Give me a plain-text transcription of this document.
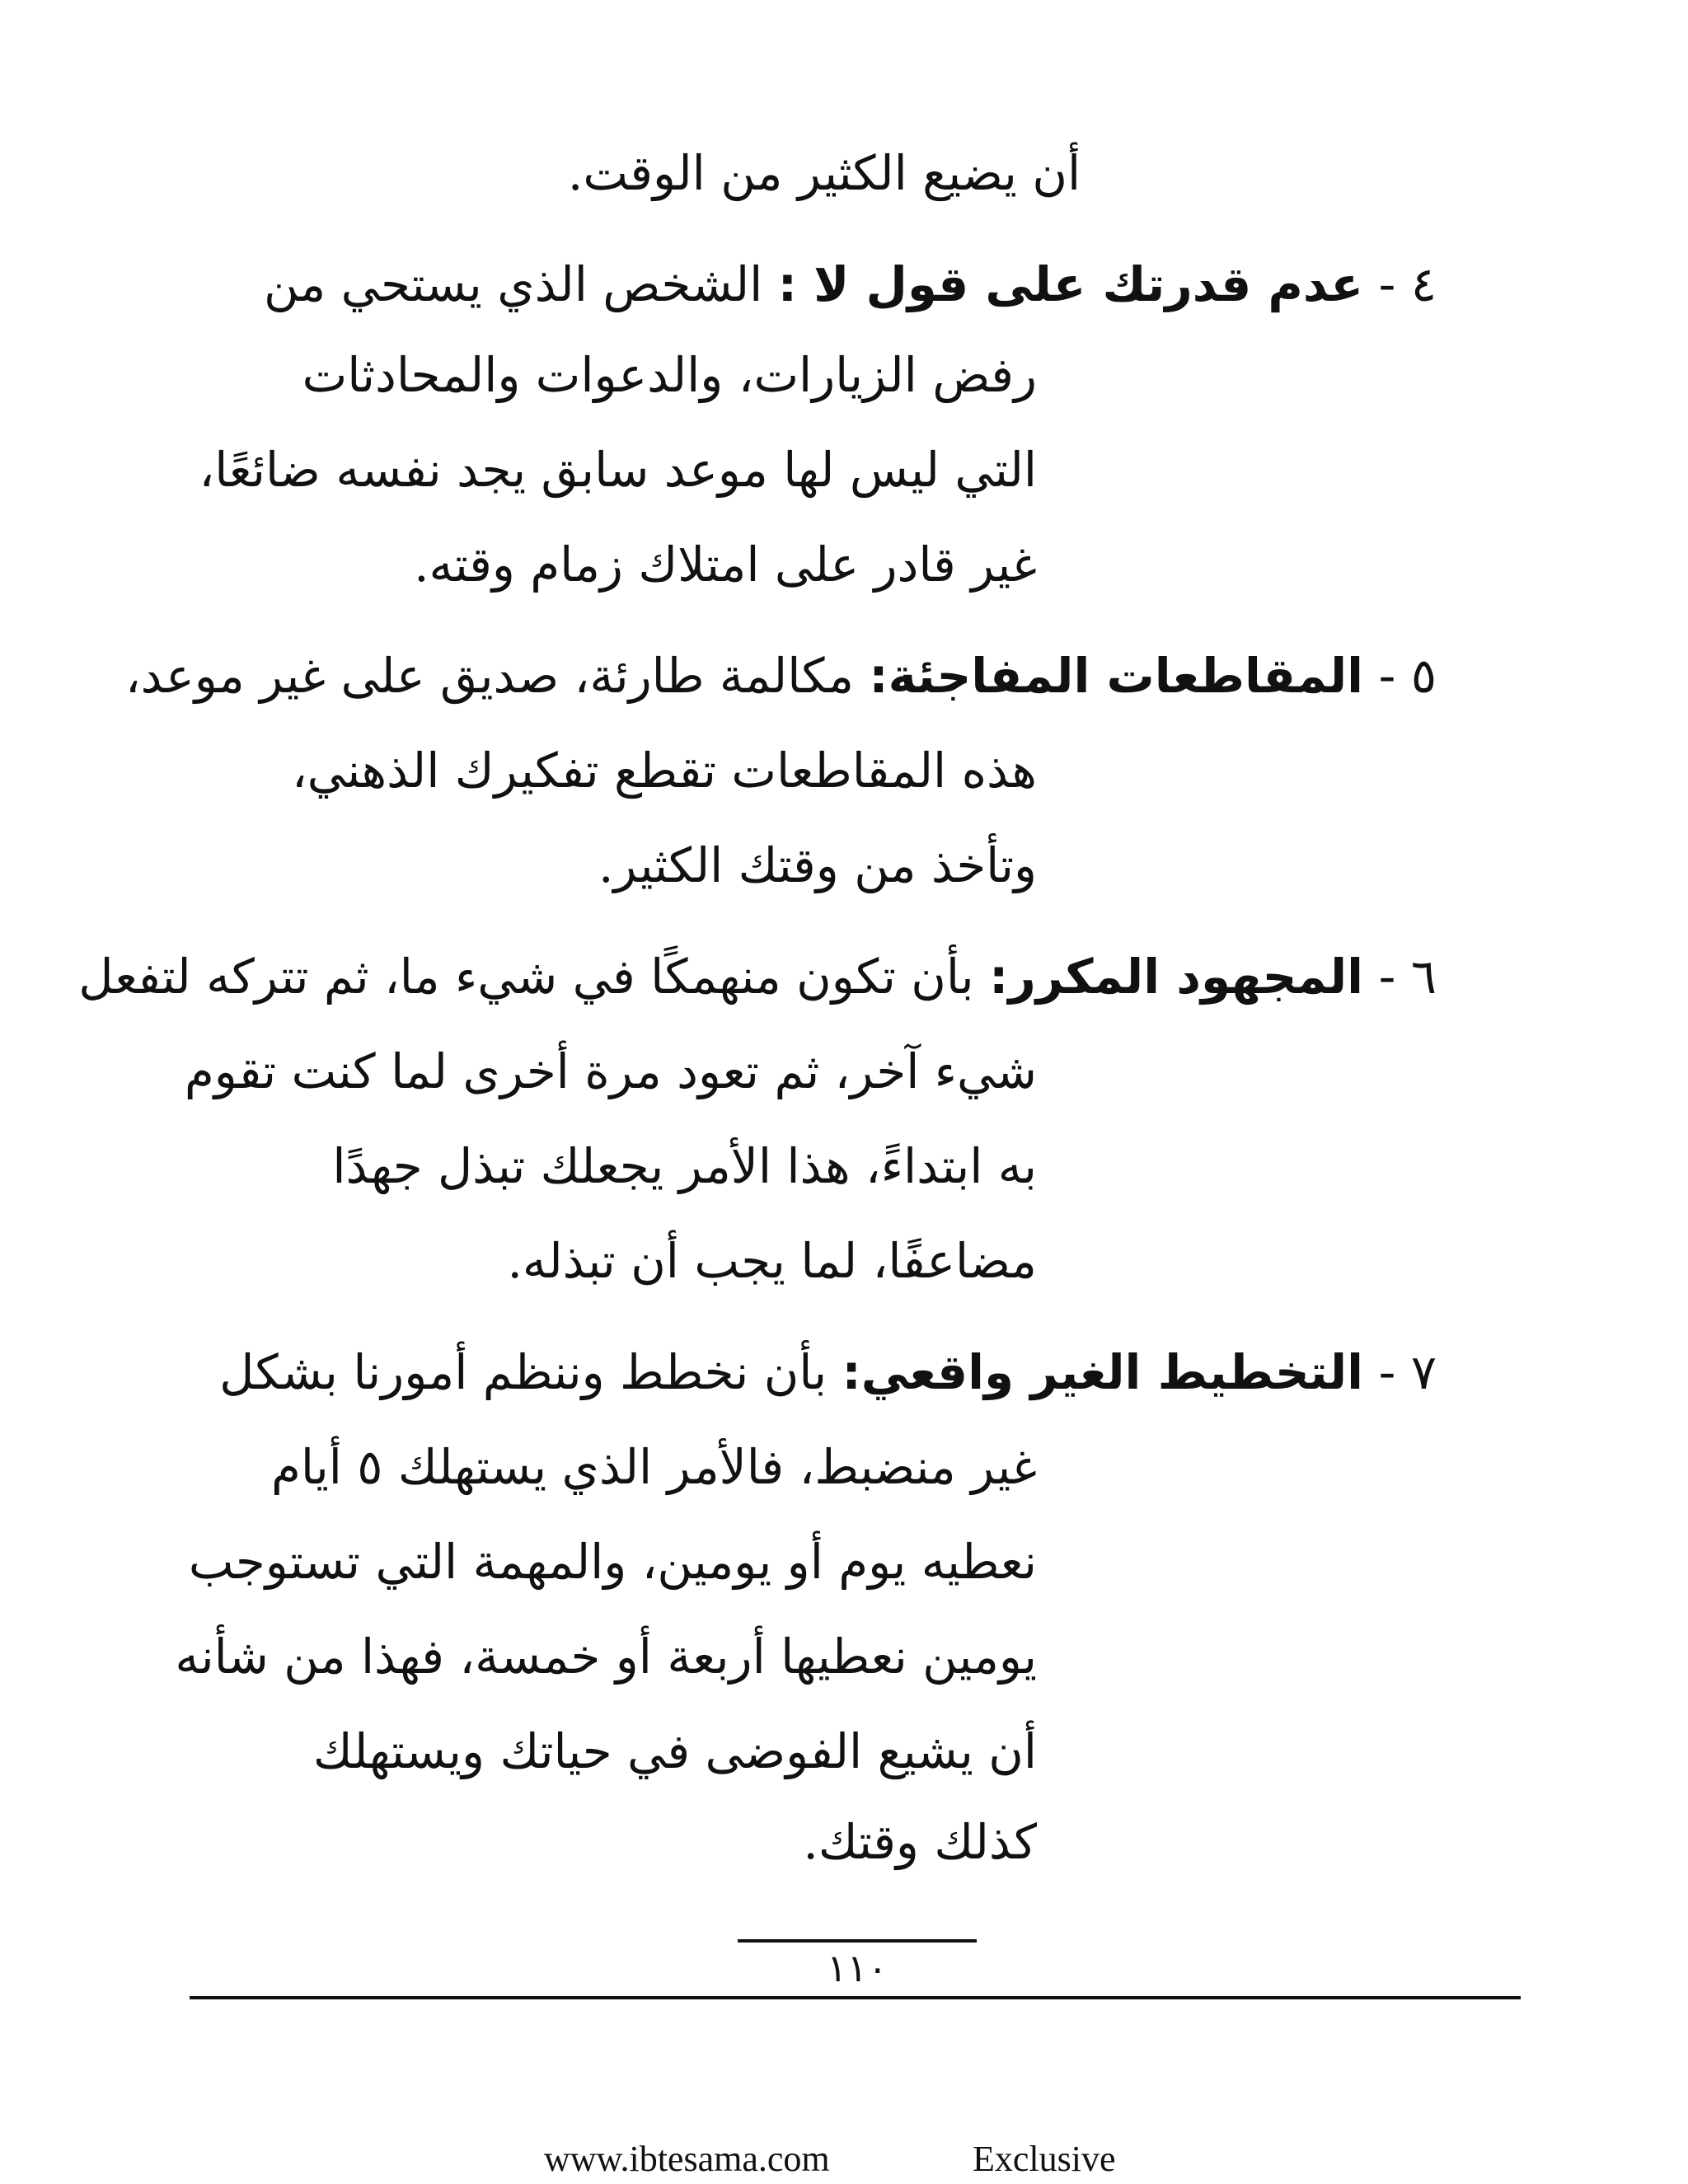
أن يضيع الكثير من الوقت.
٤ - عدم قدرتك على قول لا : الشخص الذي يستحي من
رفض الزيارات، والدعوات والمحادثات
التي ليس لها موعد سابق يجد نفسه ضائعًا،
غير قادر على امتلاك زمام وقته.
٥ - المقاطعات المفاجئة: مكالمة طارئة، صديق على غير موعد،
هذه المقاطعات تقطع تفكيرك الذهني،
وتأخذ من وقتك الكثير.
٦ - المجهود المكرر: بأن تكون منهمكًا في شيء ما، ثم تتركه لتفعل
شيء آخر، ثم تعود مرة أخرى لما كنت تقوم
به ابتداءً، هذا الأمر يجعلك تبذل جهدًا
مضاعفًا، لما يجب أن تبذله.
٧ - التخطيط الغير واقعي: بأن نخطط وننظم أمورنا بشكل
غير منضبط، فالأمر الذي يستهلك ٥ أيام
نعطيه يوم أو يومين، والمهمة التي تستوجب
يومين نعطيها أربعة أو خمسة، فهذا من شأنه
أن يشيع الفوضى في حياتك ويستهلك
كذلك وقتك.
١١٠
www.ibtesama.com	Exclusive
